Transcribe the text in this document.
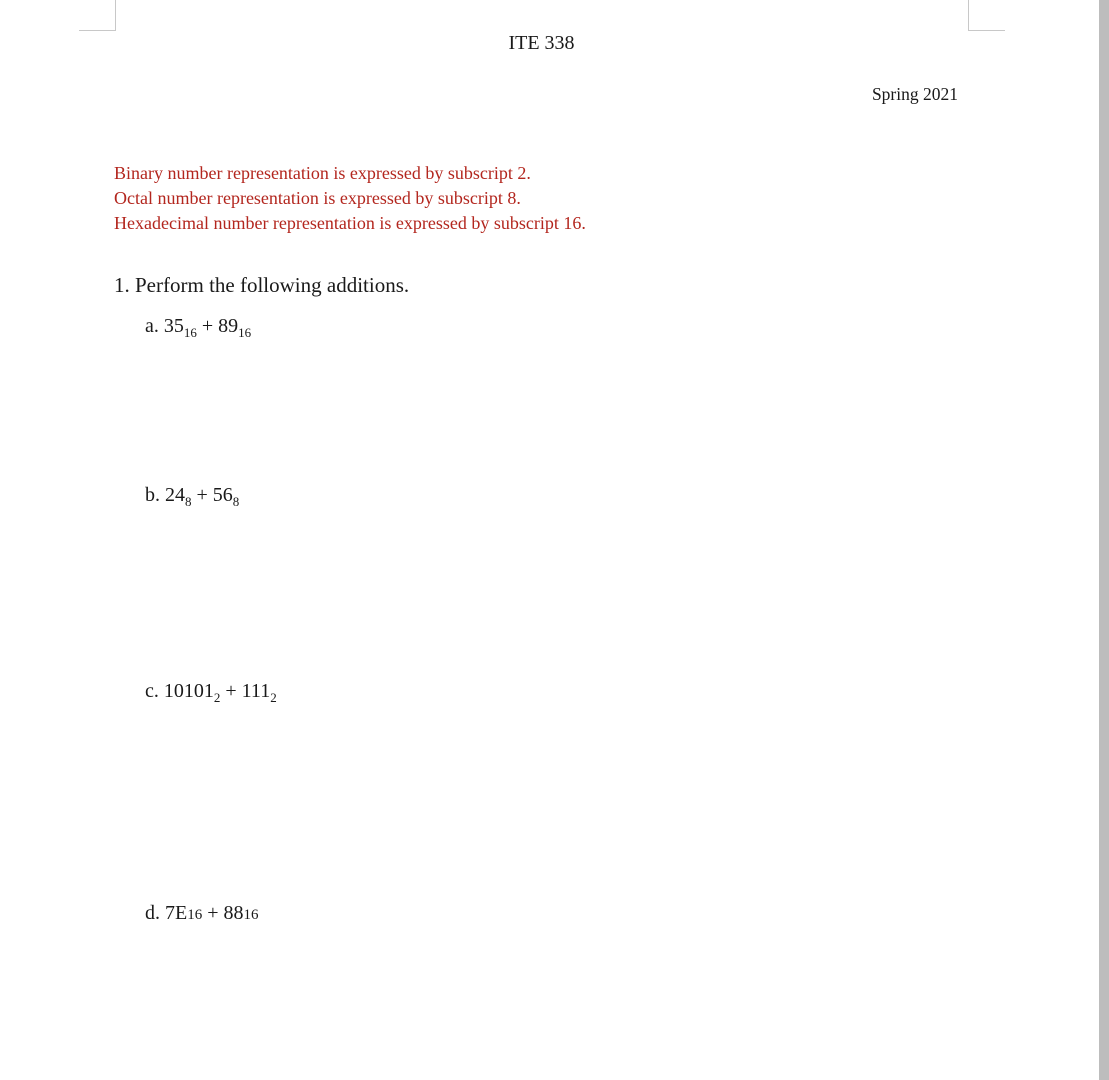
ITE 338
Spring 2021
Binary number representation is expressed by subscript 2.
Octal number representation is expressed by subscript 8.
Hexadecimal number representation is expressed by subscript 16.
1. Perform the following additions.
a. $35_{16} + 89_{16}$
b. $24_8 + 56_8$
c. $10101_2 + 111_2$
d. 7E16 + 8816
